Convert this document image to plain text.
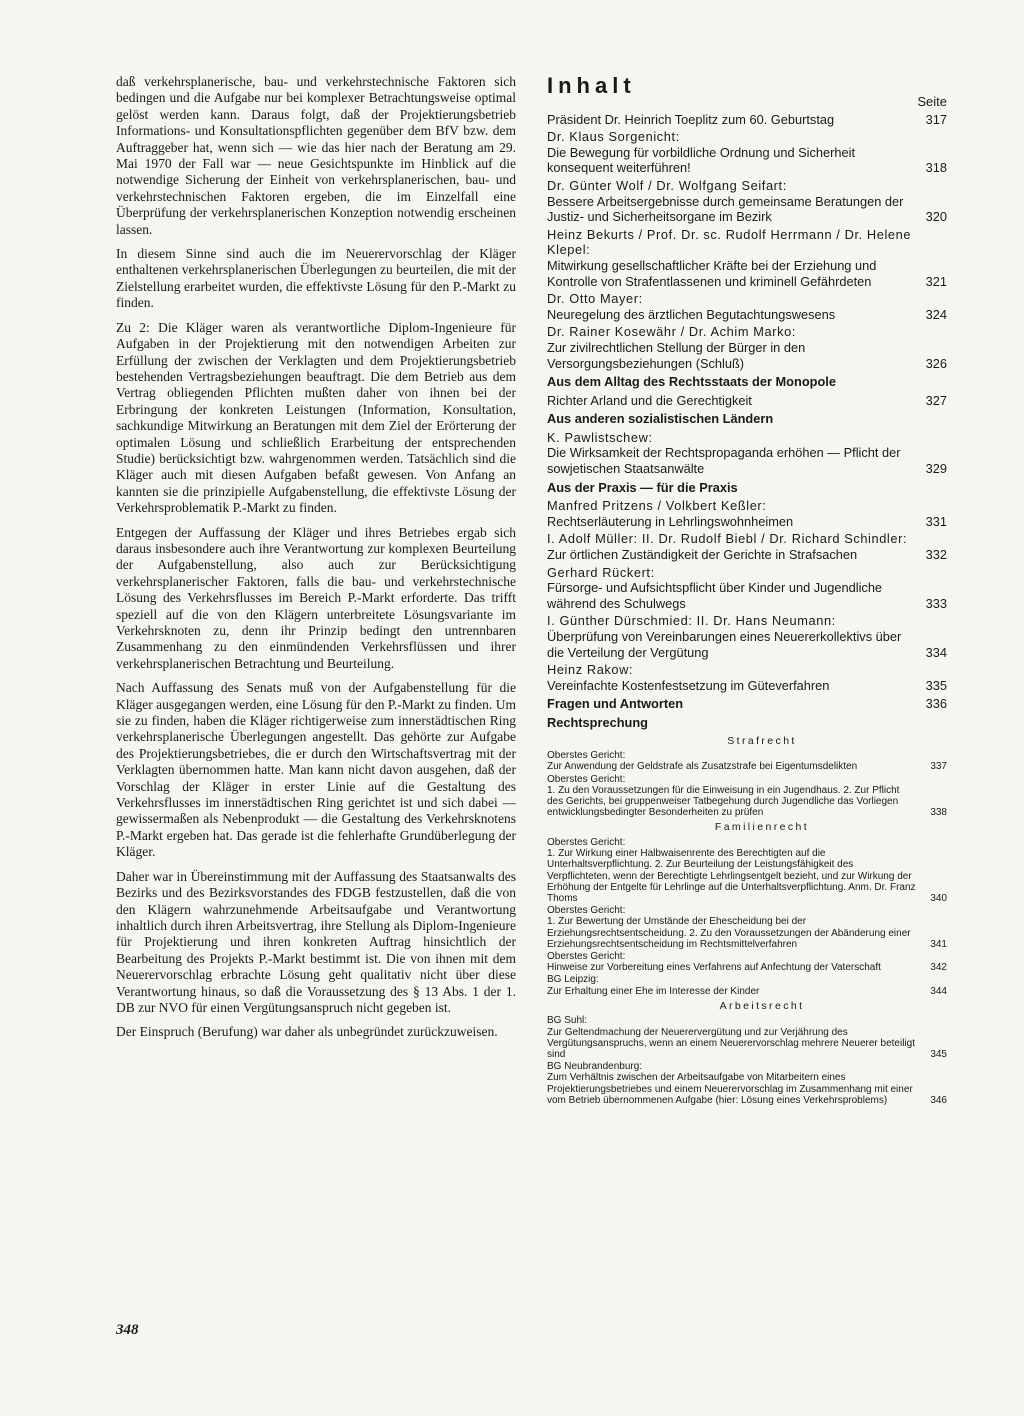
daß verkehrsplanerische, bau- und verkehrstechnische Faktoren sich bedingen und die Aufgabe nur bei komplexer Betrachtungsweise optimal gelöst werden kann. Daraus folgt, daß der Projektierungsbetrieb Informations- und Konsultationspflichten gegenüber dem BfV bzw. dem Auftraggeber hat, wenn sich — wie das hier nach der Beratung am 29. Mai 1970 der Fall war — neue Gesichtspunkte im Hinblick auf die notwendige Sicherung der Einheit von verkehrsplanerischen, bau- und verkehrstechnischen Faktoren ergeben, die im Einzelfall eine Überprüfung der verkehrsplanerischen Konzeption notwendig erscheinen lassen.

In diesem Sinne sind auch die im Neuerervorschlag der Kläger enthaltenen verkehrsplanerischen Überlegungen zu beurteilen, die mit der Zielstellung erarbeitet wurden, die effektivste Lösung für den P.-Markt zu finden.

Zu 2: Die Kläger waren als verantwortliche Diplom-Ingenieure für Aufgaben in der Projektierung mit den notwendigen Arbeiten zur Erfüllung der zwischen der Verklagten und dem Projektierungsbetrieb bestehenden Vertragsbeziehungen beauftragt. Die dem Betrieb aus dem Vertrag obliegenden Pflichten mußten daher von ihnen bei der Erbringung der konkreten Leistungen (Information, Konsultation, sachkundige Mitwirkung an Beratungen mit dem Ziel der Erörterung der optimalen Lösung und schließlich Erarbeitung der entsprechenden Studie) berücksichtigt bzw. wahrgenommen werden. Tatsächlich sind die Kläger auch mit diesen Aufgaben befaßt gewesen. Von Anfang an kannten sie die prinzipielle Aufgabenstellung, die effektivste Lösung der Verkehrsproblematik P.-Markt zu finden.

Entgegen der Auffassung der Kläger und ihres Betriebes ergab sich daraus insbesondere auch ihre Verantwortung zur komplexen Beurteilung der Aufgabenstellung, also auch zur Berücksichtigung verkehrsplanerischer Faktoren, falls die bau- und verkehrstechnische Lösung des Verkehrsflusses im Bereich P.-Markt erforderte. Das trifft speziell auf die von den Klägern unterbreitete Lösungsvariante im Verkehrsknoten zu, denn ihr Prinzip bedingt den untrennbaren Zusammenhang zu den einmündenden Verkehrsflüssen und ihrer verkehrsplanerischen Betrachtung und Beurteilung.

Nach Auffassung des Senats muß von der Aufgabenstellung für die Kläger ausgegangen werden, eine Lösung für den P.-Markt zu finden. Um sie zu finden, haben die Kläger richtigerweise zum innerstädtischen Ring verkehrsplanerische Überlegungen angestellt. Das gehörte zur Aufgabe des Projektierungsbetriebes, die er durch den Wirtschaftsvertrag mit der Verklagten übernommen hatte. Man kann nicht davon ausgehen, daß der Vorschlag der Kläger in erster Linie auf die Gestaltung des Verkehrsflusses im innerstädtischen Ring gerichtet ist und sich dabei — gewissermaßen als Nebenprodukt — die Gestaltung des Verkehrsknotens P.-Markt ergeben hat. Das gerade ist die fehlerhafte Grundüberlegung der Kläger.

Daher war in Übereinstimmung mit der Auffassung des Staatsanwalts des Bezirks und des Bezirksvorstandes des FDGB festzustellen, daß die von den Klägern wahrzunehmende Arbeitsaufgabe und Verantwortung inhaltlich durch ihren Arbeitsvertrag, ihre Stellung als Diplom-Ingenieure für Projektierung und ihren konkreten Auftrag hinsichtlich der Bearbeitung des Projekts P.-Markt bestimmt ist. Die von ihnen mit dem Neuerervorschlag erbrachte Lösung geht qualitativ nicht über diese Verantwortung hinaus, so daß die Voraussetzung des § 13 Abs. 1 der 1. DB zur NVO für einen Vergütungsanspruch nicht gegeben ist.

Der Einspruch (Berufung) war daher als unbegründet zurückzuweisen.

348
Inhalt
Seite
Präsident Dr. Heinrich Toeplitz zum 60. Geburtstag	317
Dr. Klaus Sorgenicht:
Die Bewegung für vorbildliche Ordnung und Sicherheit konsequent weiterführen!	318
Dr. Günter Wolf / Dr. Wolfgang Seifart:
Bessere Arbeitsergebnisse durch gemeinsame Beratungen der Justiz- und Sicherheitsorgane im Bezirk	320
Heinz Bekurts / Prof. Dr. sc. Rudolf Herrmann / Dr. Helene Klepel:
Mitwirkung gesellschaftlicher Kräfte bei der Erziehung und Kontrolle von Strafentlassenen und kriminell Gefährdeten	321
Dr. Otto Mayer:
Neuregelung des ärztlichen Begutachtungswesens	324
Dr. Rainer Kosewähr / Dr. Achim Marko:
Zur zivilrechtlichen Stellung der Bürger in den Versorgungsbeziehungen (Schluß)	326
Aus dem Alltag des Rechtsstaats der Monopole
Richter Arland und die Gerechtigkeit	327
Aus anderen sozialistischen Ländern
K. Pawlistschew:
Die Wirksamkeit der Rechtspropaganda erhöhen — Pflicht der sowjetischen Staatsanwälte	329
Aus der Praxis — für die Praxis
Manfred Pritzens / Volkbert Keßler:
Rechtserläuterung in Lehrlingswohnheimen	331
I. Adolf Müller: II. Dr. Rudolf Biebl / Dr. Richard Schindler:
Zur örtlichen Zuständigkeit der Gerichte in Strafsachen	332
Gerhard Rückert:
Fürsorge- und Aufsichtspflicht über Kinder und Jugendliche während des Schulwegs	333
I. Günther Dürschmied: II. Dr. Hans Neumann:
Überprüfung von Vereinbarungen eines Neuererkollektivs über die Verteilung der Vergütung	334
Heinz Rakow:
Vereinfachte Kostenfestsetzung im Güteverfahren	335
Fragen und Antworten	336
Rechtsprechung
Strafrecht
Oberstes Gericht:
Zur Anwendung der Geldstrafe als Zusatzstrafe bei Eigentumsdelikten	337
Oberstes Gericht:
1. Zu den Voraussetzungen für die Einweisung in ein Jugendhaus. 2. Zur Pflicht des Gerichts, bei gruppenweiser Tatbegehung durch Jugendliche das Vorliegen entwicklungsbedingter Besonderheiten zu prüfen	338
Familienrecht
Oberstes Gericht:
1. Zur Wirkung einer Halbwaisenrente des Berechtigten auf die Unterhaltsverpflichtung. 2. Zur Beurteilung der Leistungsfähigkeit des Verpflichteten, wenn der Berechtigte Lehrlingsentgelt bezieht, und zur Wirkung der Erhöhung der Entgelte für Lehrlinge auf die Unterhaltsverpflichtung. Anm. Dr. Franz Thoms	340
Oberstes Gericht:
1. Zur Bewertung der Umstände der Ehescheidung bei der Erziehungsrechtsentscheidung. 2. Zu den Voraussetzungen der Abänderung einer Erziehungsrechtsentscheidung im Rechtsmittelverfahren	341
Oberstes Gericht:
Hinweise zur Vorbereitung eines Verfahrens auf Anfechtung der Vaterschaft	342
BG Leipzig:
Zur Erhaltung einer Ehe im Interesse der Kinder	344
Arbeitsrecht
BG Suhl:
Zur Geltendmachung der Neuerervergütung und zur Verjährung des Vergütungsanspruchs, wenn an einem Neuerervorschlag mehrere Neuerer beteiligt sind	345
BG Neubrandenburg:
Zum Verhältnis zwischen der Arbeitsaufgabe von Mitarbeitern eines Projektierungsbetriebes und einem Neuerervorschlag im Zusammenhang mit einer vom Betrieb übernommenen Aufgabe (hier: Lösung eines Verkehrsproblems)	346
